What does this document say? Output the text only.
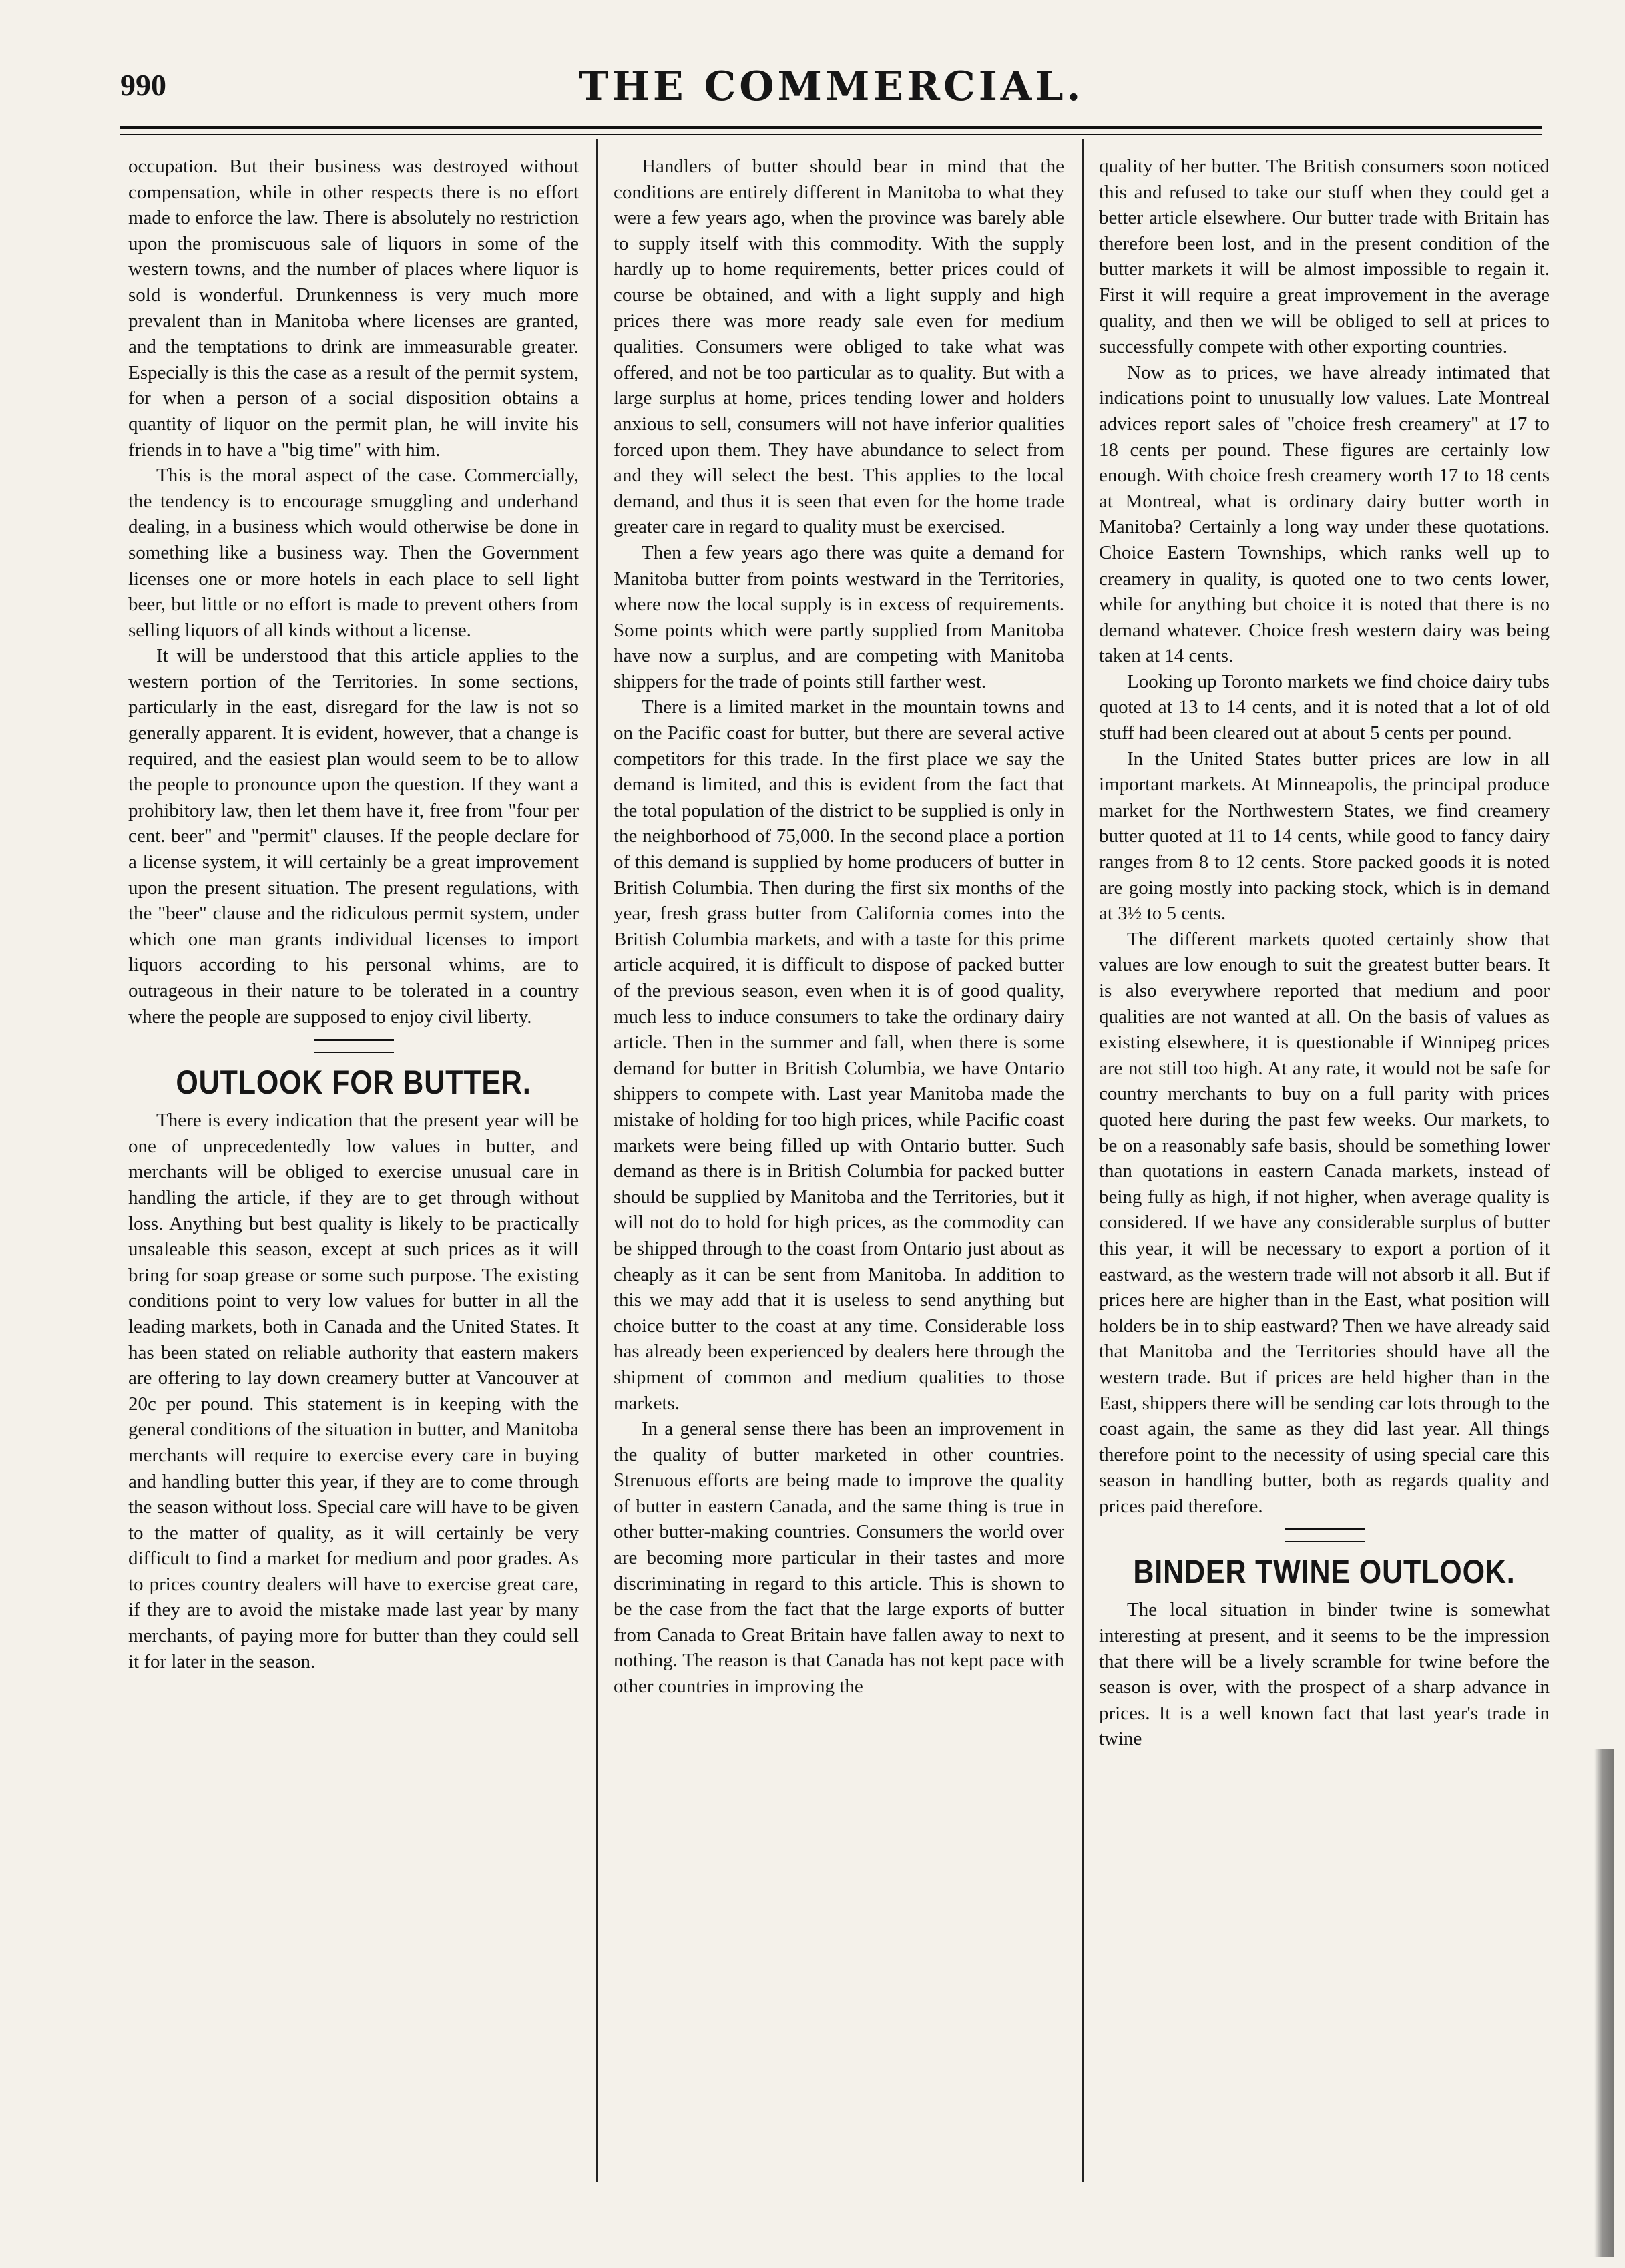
990	THE COMMERCIAL.

occupation. But their business was destroyed without compensation, while in other respects there is no effort made to enforce the law. There is absolutely no restriction upon the promiscuous sale of liquors in some of the western towns, and the number of places where liquor is sold is wonderful. Drunkenness is very much more prevalent than in Manitoba where licenses are granted, and the temptations to drink are immeasurable greater. Especially is this the case as a result of the permit system, for when a person of a social disposition obtains a quantity of liquor on the permit plan, he will invite his friends in to have a "big time" with him.

This is the moral aspect of the case. Commercially, the tendency is to encourage smuggling and underhand dealing, in a business which would otherwise be done in something like a business way. Then the Government licenses one or more hotels in each place to sell light beer, but little or no effort is made to prevent others from selling liquors of all kinds without a license.

It will be understood that this article applies to the western portion of the Territories. In some sections, particularly in the east, disregard for the law is not so generally apparent. It is evident, however, that a change is required, and the easiest plan would seem to be to allow the people to pronounce upon the question. If they want a prohibitory law, then let them have it, free from "four per cent. beer" and "permit" clauses. If the people declare for a license system, it will certainly be a great improvement upon the present situation. The present regulations, with the "beer" clause and the ridiculous permit system, under which one man grants individual licenses to import liquors according to his personal whims, are to outrageous in their nature to be tolerated in a country where the people are supposed to enjoy civil liberty.

OUTLOOK FOR BUTTER.

There is every indication that the present year will be one of unprecedentedly low values in butter, and merchants will be obliged to exercise unusual care in handling the article, if they are to get through without loss. Anything but best quality is likely to be practically unsaleable this season, except at such prices as it will bring for soap grease or some such purpose. The existing conditions point to very low values for butter in all the leading markets, both in Canada and the United States. It has been stated on reliable authority that eastern makers are offering to lay down creamery butter at Vancouver at 20c per pound. This statement is in keeping with the general conditions of the situation in butter, and Manitoba merchants will require to exercise every care in buying and handling butter this year, if they are to come through the season without loss. Special care will have to be given to the matter of quality, as it will certainly be very difficult to find a market for medium and poor grades. As to prices country dealers will have to exercise great care, if they are to avoid the mistake made last year by many merchants, of paying more for butter than they could sell it for later in the season.

Handlers of butter should bear in mind that the conditions are entirely different in Manitoba to what they were a few years ago, when the province was barely able to supply itself with this commodity. With the supply hardly up to home requirements, better prices could of course be obtained, and with a light supply and high prices there was more ready sale even for medium qualities. Consumers were obliged to take what was offered, and not be too particular as to quality. But with a large surplus at home, prices tending lower and holders anxious to sell, consumers will not have inferior qualities forced upon them. They have abundance to select from and they will select the best. This applies to the local demand, and thus it is seen that even for the home trade greater care in regard to quality must be exercised.

Then a few years ago there was quite a demand for Manitoba butter from points westward in the Territories, where now the local supply is in excess of requirements. Some points which were partly supplied from Manitoba have now a surplus, and are competing with Manitoba shippers for the trade of points still farther west.

There is a limited market in the mountain towns and on the Pacific coast for butter, but there are several active competitors for this trade. In the first place we say the demand is limited, and this is evident from the fact that the total population of the district to be supplied is only in the neighborhood of 75,000. In the second place a portion of this demand is supplied by home producers of butter in British Columbia. Then during the first six months of the year, fresh grass butter from California comes into the British Columbia markets, and with a taste for this prime article acquired, it is difficult to dispose of packed butter of the previous season, even when it is of good quality, much less to induce consumers to take the ordinary dairy article. Then in the summer and fall, when there is some demand for butter in British Columbia, we have Ontario shippers to compete with. Last year Manitoba made the mistake of holding for too high prices, while Pacific coast markets were being filled up with Ontario butter. Such demand as there is in British Columbia for packed butter should be supplied by Manitoba and the Territories, but it will not do to hold for high prices, as the commodity can be shipped through to the coast from Ontario just about as cheaply as it can be sent from Manitoba. In addition to this we may add that it is useless to send anything but choice butter to the coast at any time. Considerable loss has already been experienced by dealers here through the shipment of common and medium qualities to those markets.

In a general sense there has been an improvement in the quality of butter marketed in other countries. Strenuous efforts are being made to improve the quality of butter in eastern Canada, and the same thing is true in other butter-making countries. Consumers the world over are becoming more particular in their tastes and more discriminating in regard to this article. This is shown to be the case from the fact that the large exports of butter from Canada to Great Britain have fallen away to next to nothing. The reason is that Canada has not kept pace with other countries in improving the

quality of her butter. The British consumers soon noticed this and refused to take our stuff when they could get a better article elsewhere. Our butter trade with Britain has therefore been lost, and in the present condition of the butter markets it will be almost impossible to regain it. First it will require a great improvement in the average quality, and then we will be obliged to sell at prices to successfully compete with other exporting countries.

Now as to prices, we have already intimated that indications point to unusually low values. Late Montreal advices report sales of "choice fresh creamery" at 17 to 18 cents per pound. These figures are certainly low enough. With choice fresh creamery worth 17 to 18 cents at Montreal, what is ordinary dairy butter worth in Manitoba? Certainly a long way under these quotations. Choice Eastern Townships, which ranks well up to creamery in quality, is quoted one to two cents lower, while for anything but choice it is noted that there is no demand whatever. Choice fresh western dairy was being taken at 14 cents.

Looking up Toronto markets we find choice dairy tubs quoted at 13 to 14 cents, and it is noted that a lot of old stuff had been cleared out at about 5 cents per pound.

In the United States butter prices are low in all important markets. At Minneapolis, the principal produce market for the Northwestern States, we find creamery butter quoted at 11 to 14 cents, while good to fancy dairy ranges from 8 to 12 cents. Store packed goods it is noted are going mostly into packing stock, which is in demand at 3½ to 5 cents.

The different markets quoted certainly show that values are low enough to suit the greatest butter bears. It is also everywhere reported that medium and poor qualities are not wanted at all. On the basis of values as existing elsewhere, it is questionable if Winnipeg prices are not still too high. At any rate, it would not be safe for country merchants to buy on a full parity with prices quoted here during the past few weeks. Our markets, to be on a reasonably safe basis, should be something lower than quotations in eastern Canada markets, instead of being fully as high, if not higher, when average quality is considered. If we have any considerable surplus of butter this year, it will be necessary to export a portion of it eastward, as the western trade will not absorb it all. But if prices here are higher than in the East, what position will holders be in to ship eastward? Then we have already said that Manitoba and the Territories should have all the western trade. But if prices are held higher than in the East, shippers there will be sending car lots through to the coast again, the same as they did last year. All things therefore point to the necessity of using special care this season in handling butter, both as regards quality and prices paid therefore.

BINDER TWINE OUTLOOK.

The local situation in binder twine is somewhat interesting at present, and it seems to be the impression that there will be a lively scramble for twine before the season is over, with the prospect of a sharp advance in prices. It is a well known fact that last year's trade in twine
